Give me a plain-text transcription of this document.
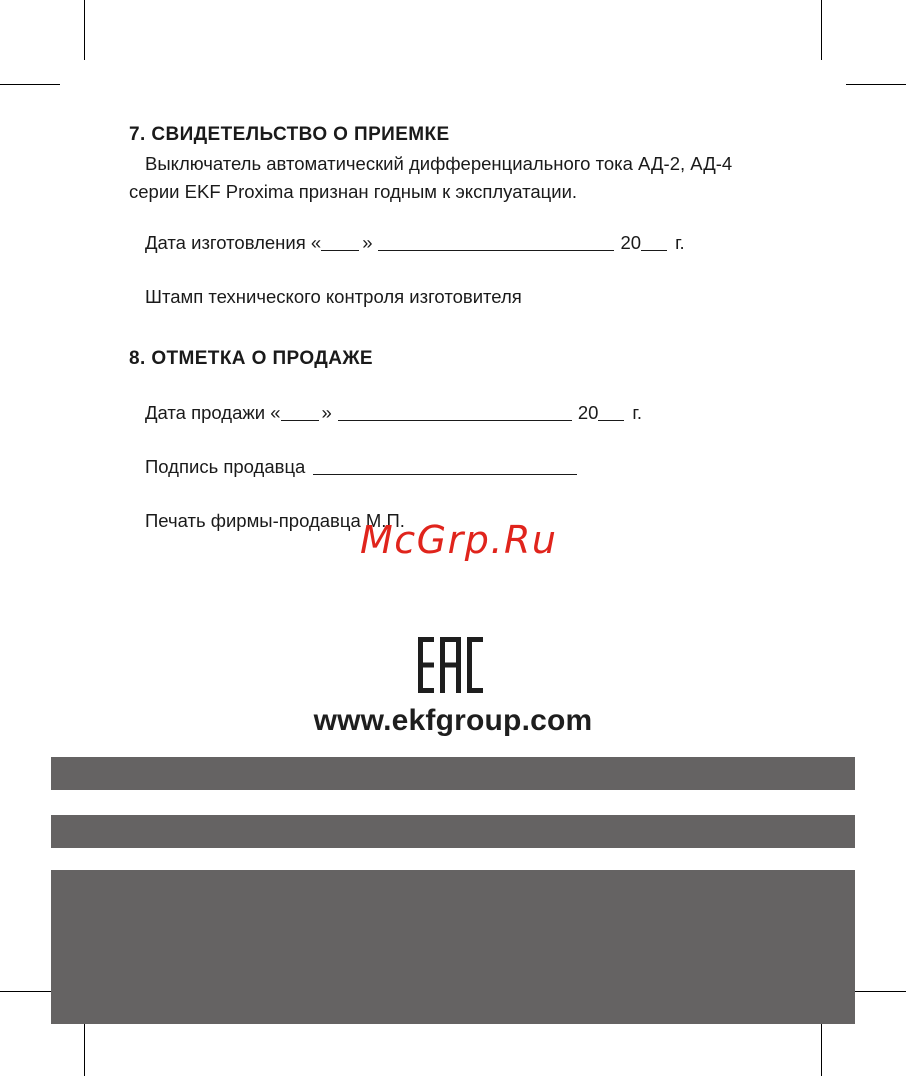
7. СВИДЕТЕЛЬСТВО О ПРИЕМКЕ
Выключатель автоматический дифференциального тока АД-2, АД-4
серии EKF Proxima признан годным к эксплуатации.
Дата изготовления « »	20 г.
Штамп технического контроля изготовителя
8. ОТМЕТКА О ПРОДАЖЕ
Дата продажи « »	20 г.
Подпись продавца
Печать фирмы-продавца М.П.
McGrp.Ru
www.ekfgroup.com
